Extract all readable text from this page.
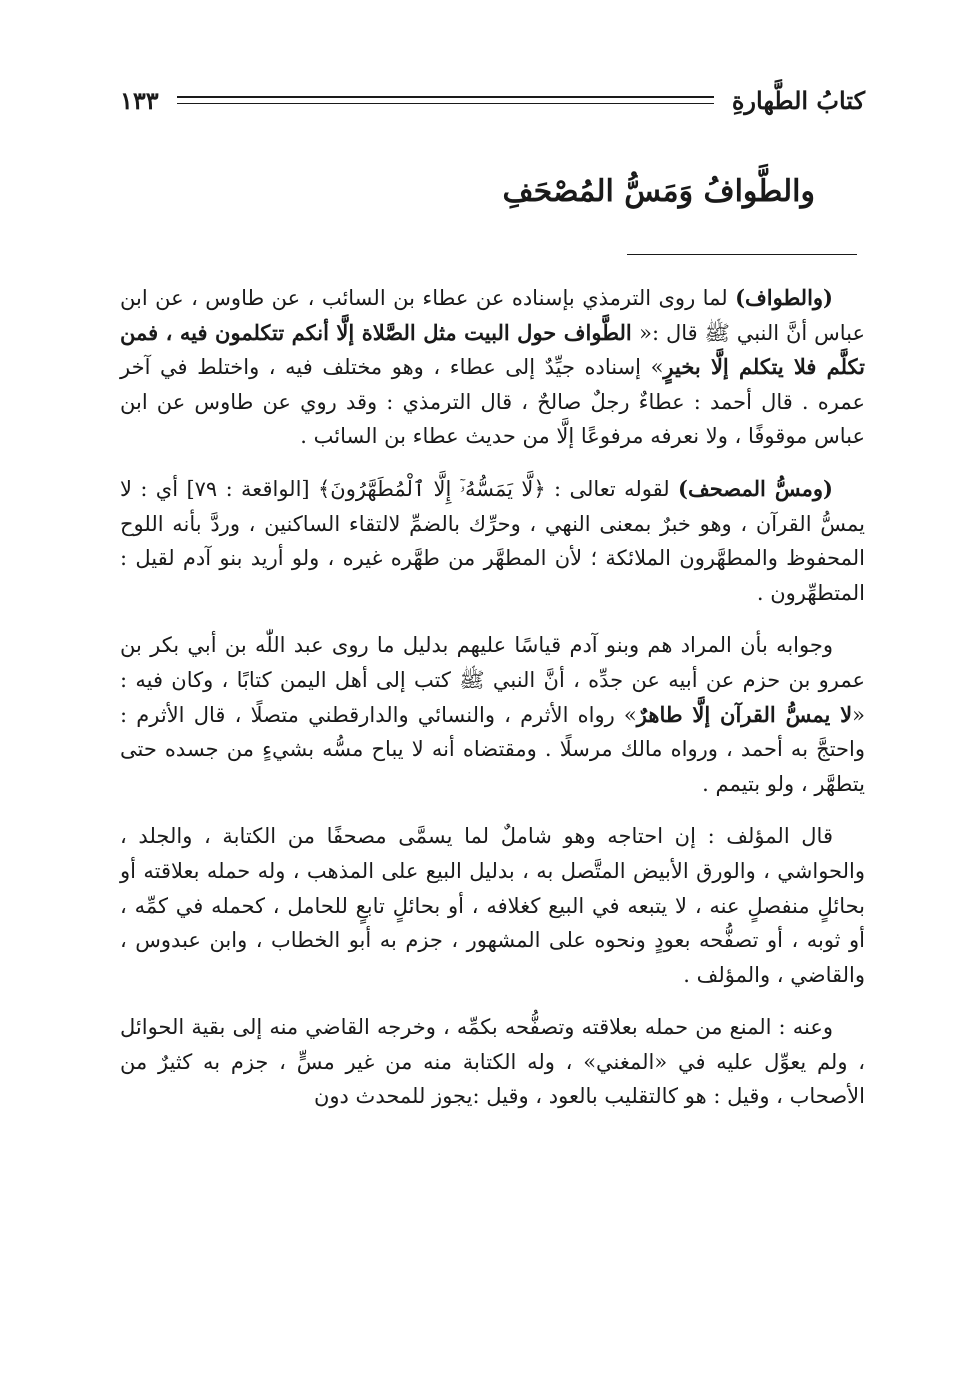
كتابُ الطَّهارةِ
١٣٣
والطَّوافُ وَمَسُّ المُصْحَفِ

(والطواف) لما روى الترمذي بإسناده عن عطاء بن السائب ، عن طاوس ، عن ابن عباس أنَّ النبي ﷺ قال :« الطَّواف حول البيت مثل الصَّلاة إلَّا أنكم تتكلمون فيه ، فمن تكلَّم فلا يتكلم إلَّا بخيرٍ» إسناده جيِّدٌ إلى عطاء ، وهو مختلف فيه ، واختلط في آخر عمره . قال أحمد : عطاءٌ رجلٌ صالحٌ ، قال الترمذي : وقد روي عن طاوس عن ابن عباس موقوفًا ، ولا نعرفه مرفوعًا إلَّا من حديث عطاء بن السائب .

(ومسُّ المصحف) لقوله تعالى : ﴿لَّا يَمَسُّهُۥٓ إِلَّا ٱلْمُطَهَّرُونَ﴾ [الواقعة : ٧٩] أي : لا يمسُّ القرآن ، وهو خبرٌ بمعنى النهي ، وحرِّك بالضمِّ لالتقاء الساكنين ، وردَّ بأنه اللوح المحفوظ والمطهَّرون الملائكة ؛ لأن المطهَّر من طهَّره غيره ، ولو أريد بنو آدم لقيل : المتطهِّرون .

وجوابه بأن المراد هم وبنو آدم قياسًا عليهم بدليل ما روى عبد اللّٰه بن أبي بكر بن عمرو بن حزم عن أبيه عن جدِّه ، أنَّ النبي ﷺ كتب إلى أهل اليمن كتابًا ، وكان فيه : «لا يمسُّ القرآن إلَّا طاهرٌ» رواه الأثرم ، والنسائي والدارقطني متصلًا ، قال الأثرم : واحتجَّ به أحمد ، ورواه مالك مرسلًا . ومقتضاه أنه لا يباح مسُّه بشيءٍ من جسده حتى يتطهَّر ، ولو بتيمم .

قال المؤلف : إن احتاجه وهو شاملٌ لما يسمَّى مصحفًا من الكتابة ، والجلد ، والحواشي ، والورق الأبيض المتَّصل به ، بدليل البيع على المذهب ، وله حمله بعلاقته أو بحائلٍ منفصلٍ عنه ، لا يتبعه في البيع كغلافه ، أو بحائلٍ تابعٍ للحامل ، كحمله في كمِّه ، أو ثوبه ، أو تصفُّحه بعودٍ ونحوه على المشهور ، جزم به أبو الخطاب ، وابن عبدوس ، والقاضي ، والمؤلف .

وعنه : المنع من حمله بعلاقته وتصفُّحه بكمِّه ، وخرجه القاضي منه إلى بقية الحوائل ، ولم يعوِّل عليه في «المغني» ، وله الكتابة منه من غير مسٍّ ، جزم به كثيرٌ من الأصحاب ، وقيل : هو كالتقليب بالعود ، وقيل :يجوز للمحدث دون
